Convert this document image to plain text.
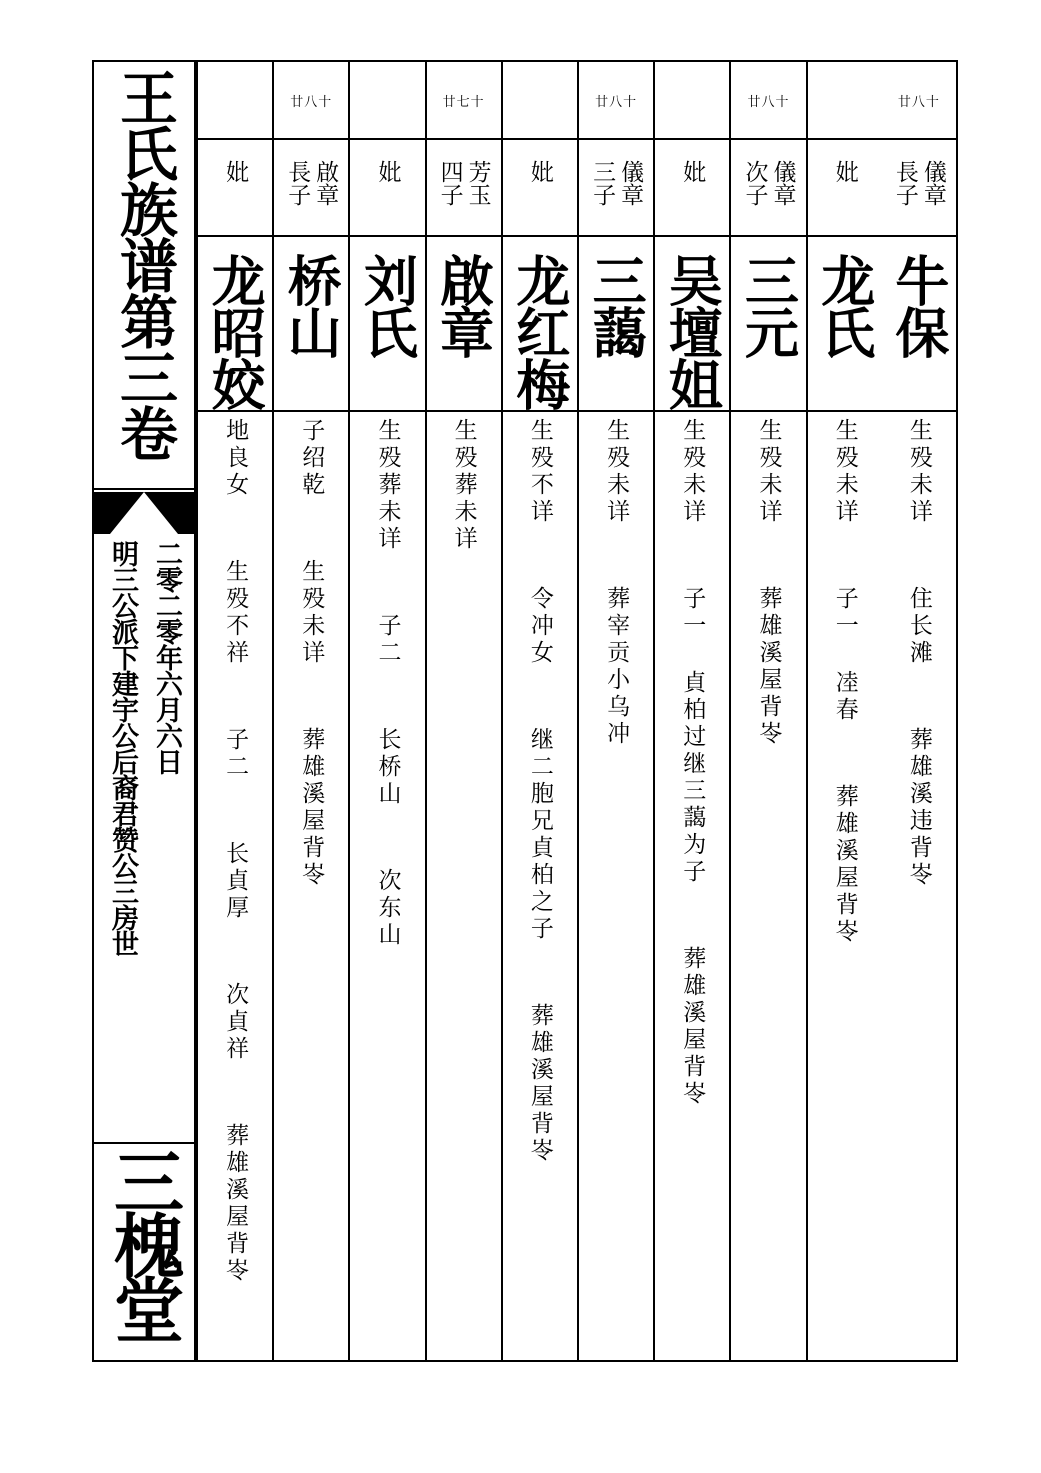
王氏族谱第三卷
明三公派下建宇公后裔君赞公三房世 二零二零年六月六日
三槐堂
廿八十
儀章
長子
牛保
生殁未详  住长滩  葬雄溪违背岺
妣
龙氏
生殁未详  子一 㓐春  葬雄溪屋背岺
廿八十
儀章
次子
三元
生殁未详  葬雄溪屋背岺
妣
吴壇姐
生殁未详  子一 貞柏过继三藹为子  葬雄溪屋背岺
廿八十
儀章
三子
三藹
生殁未详  葬宰贡小乌冲
妣
龙红梅
生殁不详  令冲女  继二胞兄貞柏之子  葬雄溪屋背岺
廿七十
芳玉
四子
啟章
生殁葬未详
妣
刘氏
生殁葬未详  子二  长桥山  次东山
廿八十
啟章
長子
桥山
子绍乾  生殁未详  葬雄溪屋背岺
妣
龙昭姣
地良女  生殁不祥  子二  长貞厚  次貞祥  葬雄溪屋背岺
